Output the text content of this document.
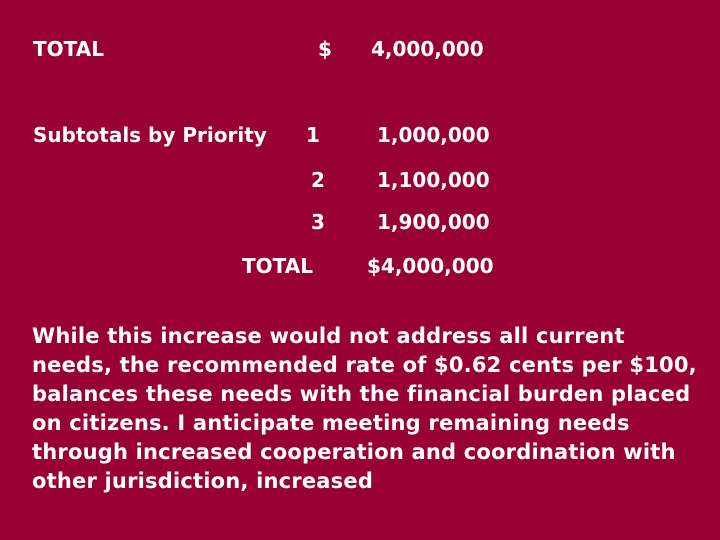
TOTAL	$ 4,000,000
Subtotals by Priority 1	1,000,000
2	1,100,000
3	1,900,000
TOTAL	$4,000,000
While this increase would not address all current needs, the recommended rate of $0.62 cents per $100, balances these needs with the financial burden placed on citizens. I anticipate meeting remaining needs through increased cooperation and coordination with other jurisdiction, increased
